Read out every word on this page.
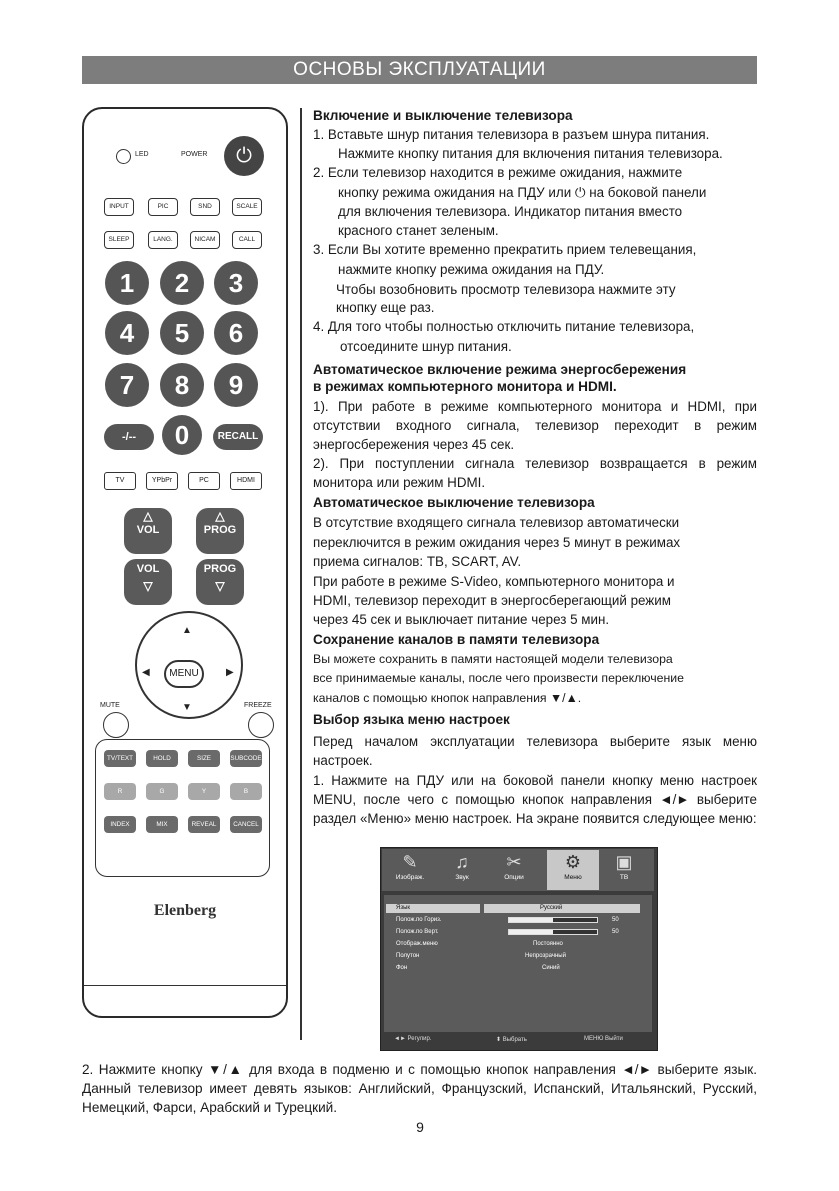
ОСНОВЫ ЭКСПЛУАТАЦИИ
LED	POWER	⏻
INPUT	PIC	SND	SCALE
SLEEP	LANG.	NICAM	CALL
1	2	3
4	5	6
7	8	9
-/--	0	RECALL
TV	YPbPr	PC	HDMI
△
VOL
△
PROG
VOL
▽
PROG
▽
▲
▼
◀	▶
MENU
MUTE	FREEZE
TV/TEXT	HOLD	SIZE	SUBCODE
R	G	Y	B
INDEX	MIX	REVEAL	CANCEL
Elenberg
Включение и выключение телевизора
1. Вставьте шнур питания телевизора в разъем шнура питания.
Нажмите кнопку питания для включения питания телевизора.
2. Если телевизор находится в режиме ожидания, нажмите
кнопку режима ожидания на ПДУ или ⏻ на боковой панели
для включения телевизора. Индикатор питания вместо
красного станет зеленым.
3. Если Вы хотите временно прекратить прием телевещания,
нажмите кнопку режима ожидания на ПДУ.
Чтобы возобновить просмотр телевизора нажмите эту
кнопку еще раз.
4. Для того чтобы полностью отключить питание телевизора,
отсоедините шнур питания.
Автоматическое включение режима энергосбережения
в режимах компьютерного монитора и HDMI.
1). При работе в режиме компьютерного монитора и HDMI, при отсутствии входного сигнала, телевизор переходит в режим энергосбережения через 45 сек.
2). При поступлении сигнала телевизор возвращается в режим монитора или режим HDMI.
Автоматическое выключение телевизора
В отсутствие входящего сигнала телевизор автоматически
переключится в режим ожидания через 5 минут в режимах
приема сигналов: ТВ, SCART, AV.
При работе в режиме S-Video, компьютерного монитора и
HDMI, телевизор переходит в энергосберегающий режим
через 45 сек и выключает питание через 5 мин.
Сохранение каналов в памяти телевизора
Вы можете сохранить в памяти настоящей модели телевизора
все принимаемые каналы, после чего произвести переключение
каналов с помощью кнопок направления ▼/▲.
Выбор языка меню настроек
Перед началом эксплуатации телевизора выберите язык меню настроек.
1. Нажмите на ПДУ или на боковой панели кнопку меню настроек MENU, после чего с помощью кнопок направления ◄/► выберите раздел «Меню» меню настроек. На экране появится следующее меню:
✎
Изображ.
♫
Звук
✂
Опции
⚙
Меню
▣
ТВ
Язык	Русский
Полож.по Гориз.	50
Полож.по Верт.	50
Отображ.меню	Постоянно
Полутон	Непрозрачный
Фон	Синий
◄► Регулир.	⬍ Выбрать	МЕНЮ Выйти
2. Нажмите кнопку ▼/▲ для входа в подменю и с помощью кнопок направления ◄/► выберите язык. Данный телевизор имеет девять языков: Английский, Французский, Испанский, Итальянский, Русский, Немецкий, Фарси, Арабский и Турецкий.
9
